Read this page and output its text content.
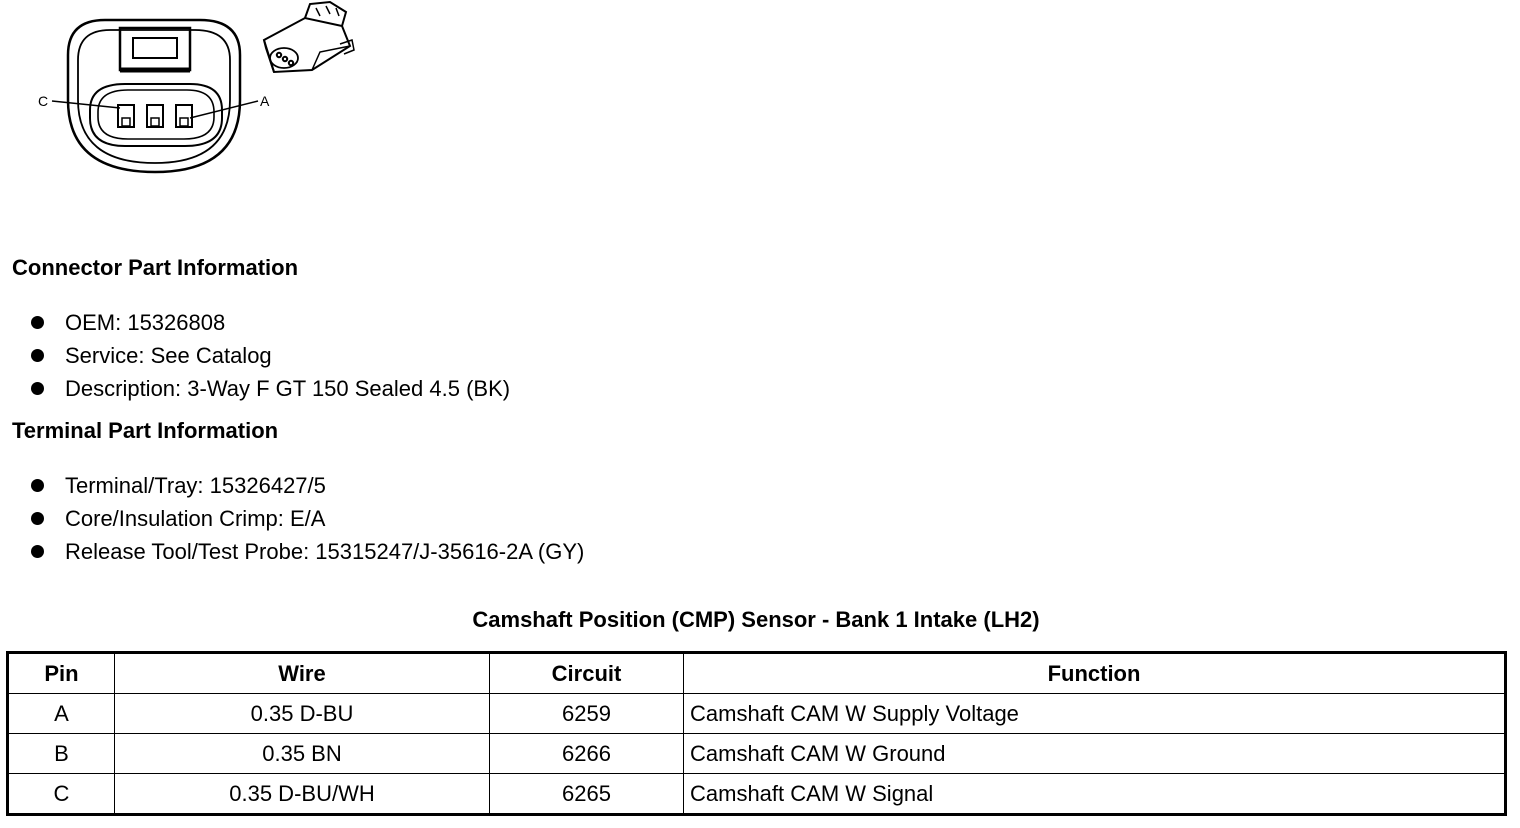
C	A
Connector Part Information
OEM: 15326808
Service: See Catalog
Description: 3-Way F GT 150 Sealed 4.5 (BK)
Terminal Part Information
Terminal/Tray: 15326427/5
Core/Insulation Crimp: E/A
Release Tool/Test Probe: 15315247/J-35616-2A (GY)
Camshaft Position (CMP) Sensor - Bank 1 Intake (LH2)
Pin	Wire	Circuit	Function
A	0.35 D-BU	6259	Camshaft CAM W Supply Voltage
B	0.35 BN	6266	Camshaft CAM W Ground
C	0.35 D-BU/WH	6265	Camshaft CAM W Signal
